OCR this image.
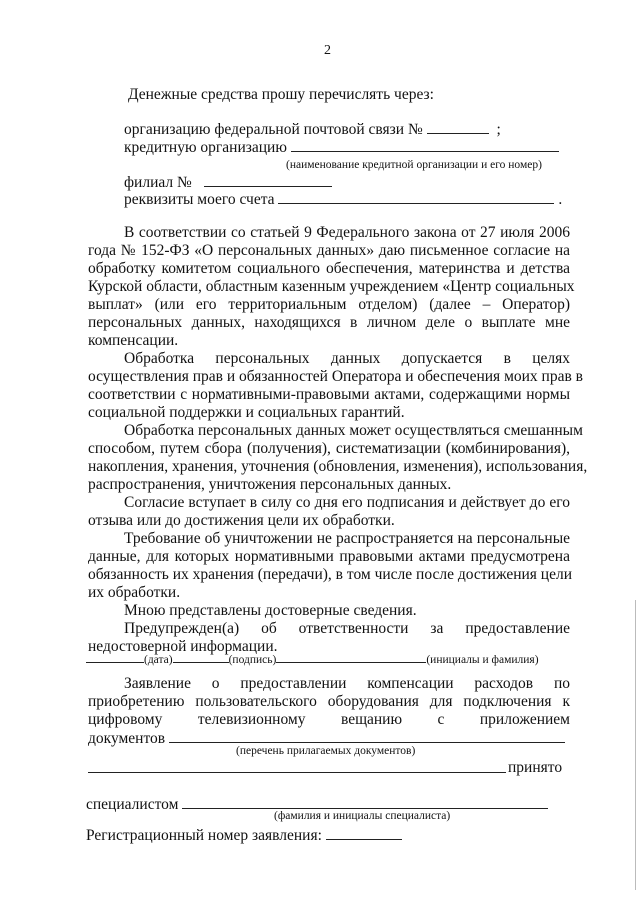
2
Денежные средства прошу перечислять через:
организацию федеральной почтовой связи №	;
кредитную организацию
(наименование кредитной организации и его номер)
филиал №
реквизиты моего счета	.
В соответствии со статьей 9 Федерального закона от 27 июля 2006
года № 152-ФЗ «О персональных данных» даю письменное согласие на
обработку комитетом социального обеспечения, материнства и детства
Курской области, областным казенным учреждением «Центр социальных
выплат» (или его территориальным отделом) (далее – Оператор)
персональных данных, находящихся в личном деле о выплате мне
компенсации.
Обработка персональных данных допускается в целях
осуществления прав и обязанностей Оператора и обеспечения моих прав в
соответствии с нормативными-правовыми актами, содержащими нормы
социальной поддержки и социальных гарантий.
Обработка персональных данных может осуществляться смешанным
способом, путем сбора (получения), систематизации (комбинирования),
накопления, хранения, уточнения (обновления, изменения), использования,
распространения, уничтожения персональных данных.
Согласие вступает в силу со дня его подписания и действует до его
отзыва или до достижения цели их обработки.
Требование об уничтожении не распространяется на персональные
данные, для которых нормативными правовыми актами предусмотрена
обязанность их хранения (передачи), в том числе после достижения цели
их обработки.
Мною представлены достоверные сведения.
Предупрежден(а) об ответственности за предоставление
недостоверной информации.
(дата)	(подпись)	(инициалы и фамилия)
Заявление о предоставлении компенсации расходов по
приобретению пользовательского оборудования для подключения к
цифровому телевизионному вещанию с приложением
документов
(перечень прилагаемых документов)
принято
специалистом
(фамилия и инициалы специалиста)
Регистрационный номер заявления:
